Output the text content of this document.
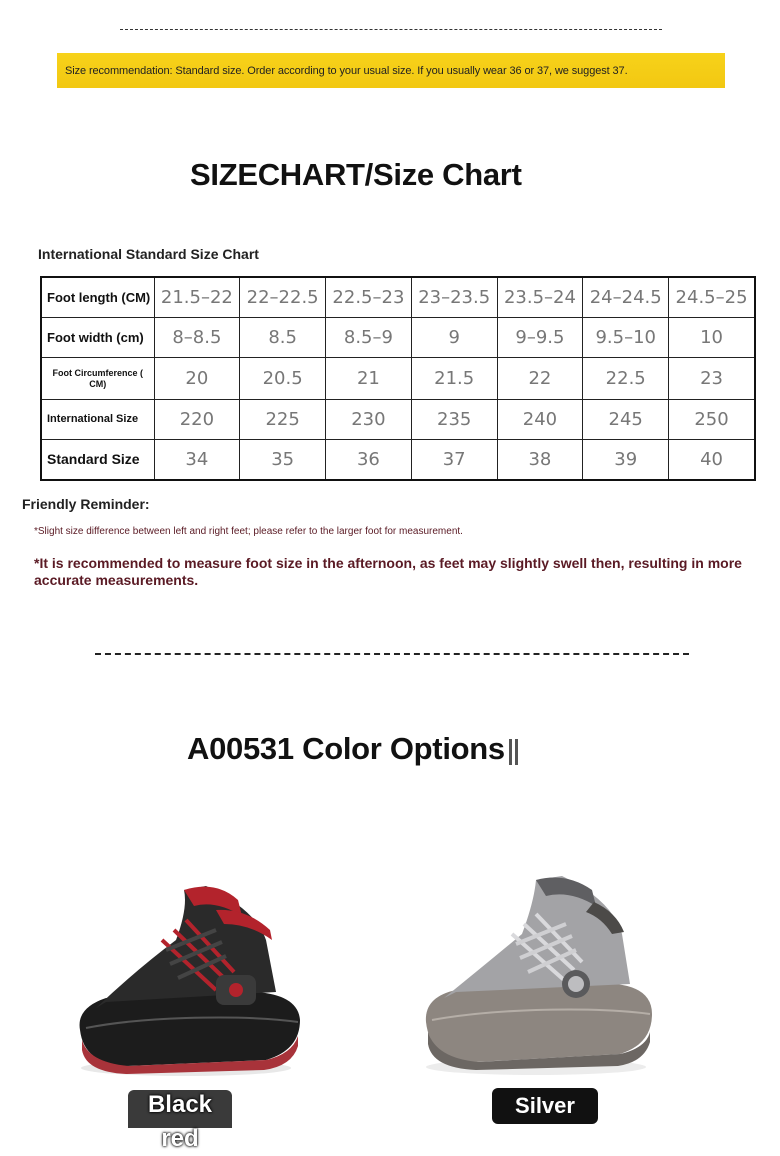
Size recommendation: Standard size. Order according to your usual size. If you usually wear 36 or 37, we suggest 37.
SIZECHART/Size Chart
International Standard Size Chart
Foot length (CM)	21.5–22	22–22.5	22.5–23	23–23.5	23.5–24	24–24.5	24.5–25
Foot width (cm)	8–8.5	8.5	8.5–9	9	9–9.5	9.5–10	10
Foot Circumference ( CM)	20	20.5	21	21.5	22	22.5	23
International Size	220	225	230	235	240	245	250
Standard Size	34	35	36	37	38	39	40
Friendly Reminder:
*Slight size difference between left and right feet; please refer to the larger foot for measurement.
*It is recommended to measure foot size in the afternoon, as feet may slightly swell then, resulting in more accurate measurements.
A00531 Color Options
Black red
Silver
